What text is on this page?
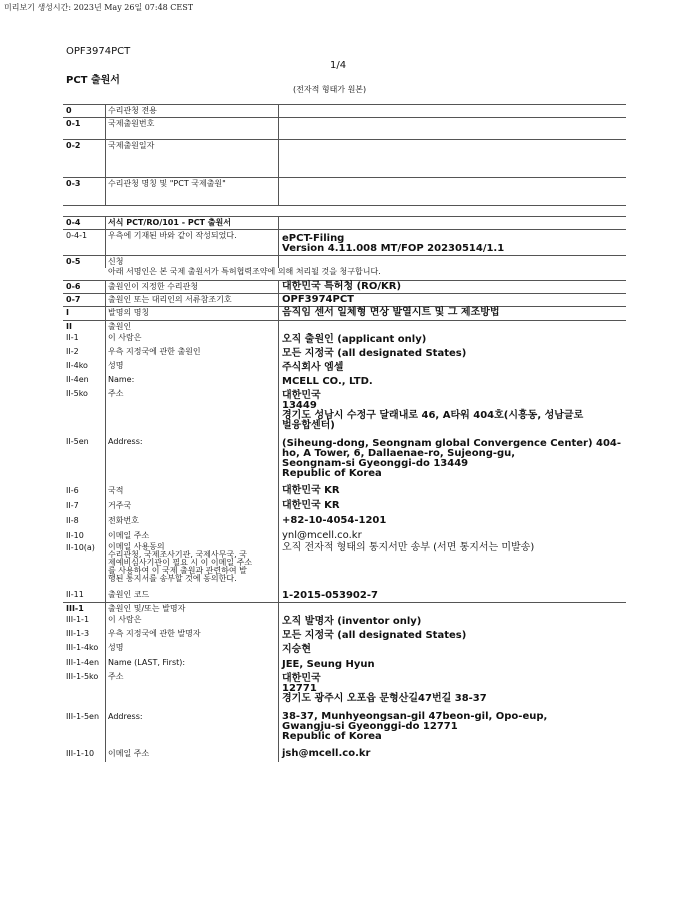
미리보기 생성시간: 2023년 May 26일 07:48 CEST
OPF3974PCT
1/4
PCT 출원서
(전자적 형태가 원본)
0	수리관청 전용
0-1	국제출원번호
0-2	국제출원일자
0-3	수리관청 명칭 및 "PCT 국제출원"
0-4	서식 PCT/RO/101 - PCT 출원서
0-4-1	우측에 기재된 바와 같이 작성되었다.	ePCT-Filing
Version 4.11.008 MT/FOP 20230514/1.1
0-5	신청
아래 서명인은 본 국제 출원서가 특허협력조약에 의해 처리될 것을 청구합니다.
0-6	출원인이 지정한 수리관청	대한민국 특허청 (RO/KR)
0-7	출원인 또는 대리인의 서류참조기호	OPF3974PCT
I	발명의 명칭	음직임 센서 일체형 면상 발열시트 및 그 제조방법
II	출원인
II-1	이 사람은	오직 출원인 (applicant only)
II-2	우측 지정국에 관한 출원인	모든 지정국 (all designated States)
II-4ko	성명	주식회사 엠셀
II-4en	Name:	MCELL CO., LTD.
II-5ko	주소	대한민국
13449
경기도 성남시 수정구 달래내로 46, A타워 404호(시흥동, 성남글로
벌융합센터)
II-5en	Address:	(Siheung-dong, Seongnam global Convergence Center) 404-
ho, A Tower, 6, Dallaenae-ro, Sujeong-gu,
Seongnam-si Gyeonggi-do 13449
Republic of Korea
II-6	국적	대한민국 KR
II-7	거주국	대한민국 KR
II-8	전화번호	+82-10-4054-1201
II-10	이메일 주소	ynl@mcell.co.kr
II-10(a)	이메일 사용동의
수리관청, 국제조사기관, 국제사무국, 국
제예비심사기관이 필요 시 이 이메일 주소
를 사용하여 이 국제 출원과 관련하여 발
행된 통지서를 송부할 것에 동의한다.
오직 전자적 형태의 통지서만 송부 (서면 통지서는 미발송)
II-11	출원인 코드	1-2015-053902-7
III-1	출원인 및/또는 발명자
III-1-1	이 사람은	오직 발명자 (inventor only)
III-1-3	우측 지정국에 관한 발명자	모든 지정국 (all designated States)
III-1-4ko	성명	지승현
III-1-4en	Name (LAST, First):	JEE, Seung Hyun
III-1-5ko	주소	대한민국
12771
경기도 광주시 오포읍 문형산길47번길 38-37
III-1-5en	Address:	38-37, Munhyeongsan-gil 47beon-gil, Opo-eup,
Gwangju-si Gyeonggi-do 12771
Republic of Korea
III-1-10	이메일 주소	jsh@mcell.co.kr
